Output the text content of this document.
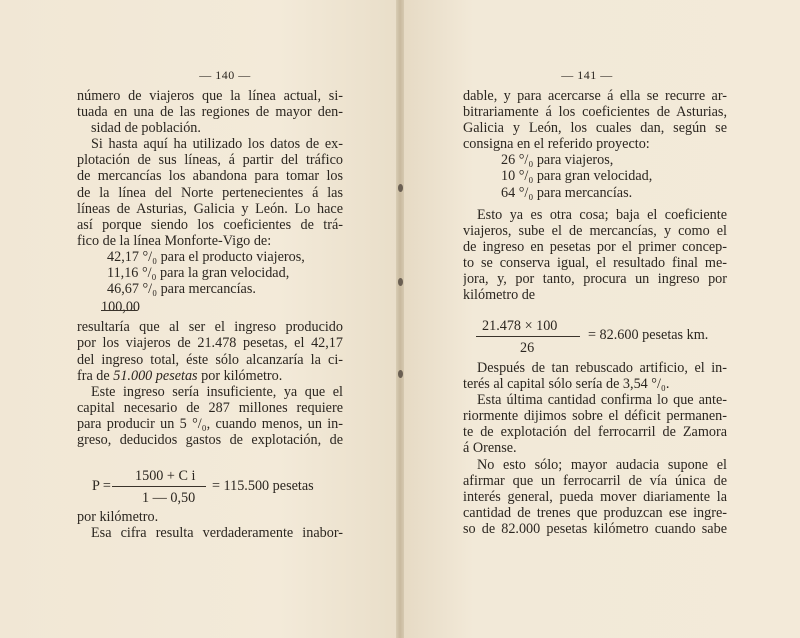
— 140 —
número de viajeros que la línea actual, si-
tuada en una de las regiones de mayor den-
sidad de población.
Si hasta aquí ha utilizado los datos de ex-
plotación de sus líneas, á partir del tráfico
de mercancías los abandona para tomar los
de la línea del Norte pertenecientes á las
líneas de Asturias, Galicia y León. Lo hace
así porque siendo los coeficientes de trá-
fico de la línea Monforte-Vigo de:
42,17 °/₀ para el producto viajeros,
11,16 °/₀ para la gran velocidad,
46,67 °/₀ para mercancías.
100,00
resultaría que al ser el ingreso producido
por los viajeros de 21.478 pesetas, el 42,17
del ingreso total, éste sólo alcanzaría la ci-
fra de 51.000 pesetas por kilómetro.
Este ingreso sería insuficiente, ya que el
capital necesario de 287 millones requiere
para producir un 5 °/₀, cuando menos, un in-
greso, deducidos gastos de explotación, de
1500 + C i
1 — 0,50
P =	= 115.500 pesetas
por kilómetro.
Esa cifra resulta verdaderamente inabor-
— 141 —
dable, y para acercarse á ella se recurre ar-
bitrariamente á los coeficientes de Asturias,
Galicia y León, los cuales dan, según se
consigna en el referido proyecto:
26 °/₀ para viajeros,
10 °/₀ para gran velocidad,
64 °/₀ para mercancías.
Esto ya es otra cosa; baja el coeficiente
viajeros, sube el de mercancías, y como el
de ingreso en pesetas por el primer concep-
to se conserva igual, el resultado final me-
jora, y, por tanto, procura un ingreso por
kilómetro de
21.478 × 100
26
= 82.600 pesetas km.
Después de tan rebuscado artificio, el in-
terés al capital sólo sería de 3,54 °/₀.
Esta última cantidad confirma lo que ante-
riormente dijimos sobre el déficit permanen-
te de explotación del ferrocarril de Zamora
á Orense.
No esto sólo; mayor audacia supone el
afirmar que un ferrocarril de vía única de
interés general, pueda mover diariamente la
cantidad de trenes que produzcan ese ingre-
so de 82.000 pesetas kilómetro cuando sabe
